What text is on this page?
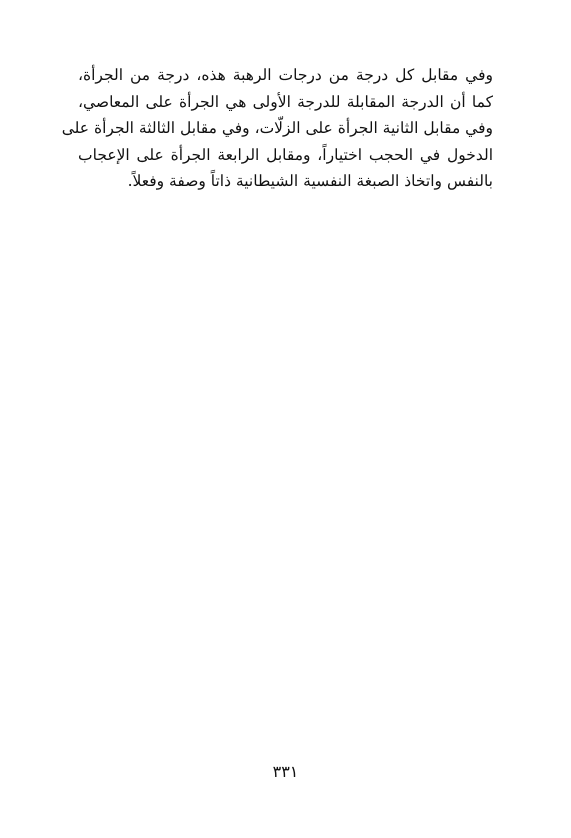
وفي مقابل كل درجة من درجات الرهبة هذه، درجة من الجرأة،
كما أن الدرجة المقابلة للدرجة الأولى هي الجرأة على المعاصي،
وفي مقابل الثانية الجرأة على الزلّات، وفي مقابل الثالثة الجرأة على
الدخول في الحجب اختياراً، ومقابل الرابعة الجرأة على الإعجاب
بالنفس واتخاذ الصبغة النفسية الشيطانية ذاتاً وصفة وفعلاً.
٣٣١
